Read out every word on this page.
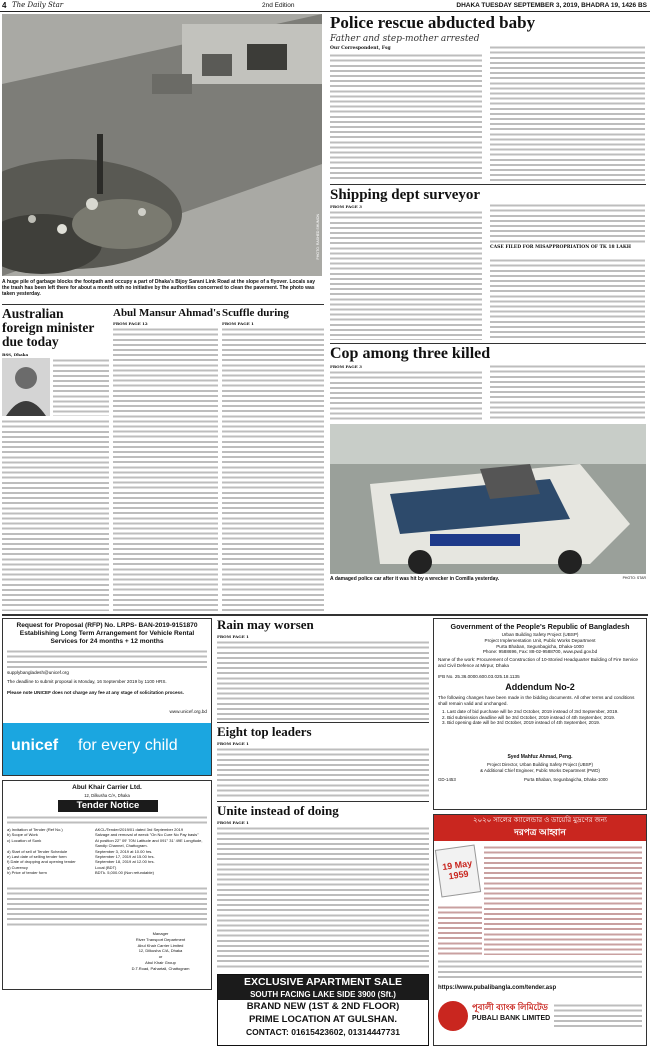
4 The Daily Star	2nd Edition	DHAKA TUESDAY SEPTEMBER 3, 2019, BHADRA 19, 1426 BS
PHOTO: RASHED SHUMON
A huge pile of garbage blocks the footpath and occupy a part of Dhaka's Bijoy Sarani Link Road at the slope of a flyover. Locals say the trash has been left there for about a month with no initiative by the authorities concerned to clean the pavement. The photo was taken yesterday.
Police rescue abducted baby
Father and step-mother arrested
Our Correspondent, Fsg
Shipping dept surveyor
FROM PAGE 3
CASE FILED FOR MISAPPROPRIATION OF TK 18 LAKH
Cop among three killed
FROM PAGE 3
A damaged police car after it was hit by a wrecker in Comilla yesterday.	PHOTO: STAR
Australian foreign minister due today
BSS, Dhaka
Abul Mansur Ahmad's
FROM PAGE 12
Scuffle during
FROM PAGE 1
Request for Proposal (RFP) No. LRPS- BAN-2019-9151870 Establishing Long Term Arrangement for Vehicle Rental Services for 24 months + 12 months
supplybangladesh@unicef.org
The deadline to submit proposal is Monday, 16 September 2019 by 1100 HRS.
Please note UNICEF does not charge any fee at any stage of solicitation process.
www.unicef.org.bd
unicef for every child
Abul Khair Carrier Ltd.
12, Dilkusha C/A, Dhaka
Tender Notice
a) Invitation of Tender (Ref No.)	AKCL/Tender/2019/01 dated 3rd September 2019
b) Scope of Work	Salvage and removal of wreck "On No Cure No Pay basis"
c) Location of Sunk	At position 22° 09' 70N Latitude and 091° 31' 49E Longitude, Sandip Channel, Chattogram.
d) Start of sell of Tender Schedule	September 3, 2019 at 10.00 hrs.
e) Last date of selling tender form	September 17, 2019 at 15.00 hrs.
f) Date of dropping and opening tender	September 18, 2019 at 12.00 hrs.
g) Currency	Local (BDT)
h) Price of tender form	BDTk. 5,000.00 (Non refundable)
Manager
River Transport Department
Abul Khair Carrier Limited
12, Dilkusha C/A, Dhaka
or
Abul Khair Group
D.T.Road, Pahartali, Chattogram
Rain may worsen
FROM PAGE 1
Eight top leaders
FROM PAGE 1
Unite instead of doing
FROM PAGE 1
EXCLUSIVE APARTMENT SALE
SOUTH FACING LAKE SIDE 3900 (Sft.)
BRAND NEW (1ST & 2ND FLOOR)
PRIME LOCATION AT GULSHAN.
CONTACT: 01615423602, 01314447731
Government of the People's Republic of Bangladesh
Urban Building Safety Project (UBSP)
Project Implementation Unit, Public Works Department
Purta Bhaban, Segunbagicha, Dhaka-1000
Phone: 9588696, Fax: 88-02-9588700, www.pwd.gov.bd
Name of the work: Procurement of Construction of 10-Storied Headquarter Building of Fire Service and Civil Defence at Mirpur, Dhaka
IFB No. 25.36.0000.600.03.025.18.1135
Addendum No-2
The following changes have been made in the bidding documents. All other terms and conditions shall remain valid and unchanged.
1. Last date of bid purchase will be 2nd October, 2019 instead of 3rd September, 2019.
2. Bid submission deadline will be 3rd October, 2019 instead of 4th September, 2019.
3. Bid opening date will be 3rd October, 2019 instead of 4th September, 2019.
Syed Mahfuz Ahmad, Peng.
Project Director, Urban Building Safety Project (UBSP)
& Additional Chief Engineer, Public Works Department (PWD)
GD-1453	Purta Bhaban, Segunbagicha, Dhaka-1000
২০২০ সালের ক্যালেন্ডার ও ডায়েরি মুদ্রণের জন্য
দরপত্র আহ্বান
19 May 1959
https://www.pubalibangla.com/tender.asp
পূবালী ব্যাংক লিমিটেড
PUBALI BANK LIMITED
